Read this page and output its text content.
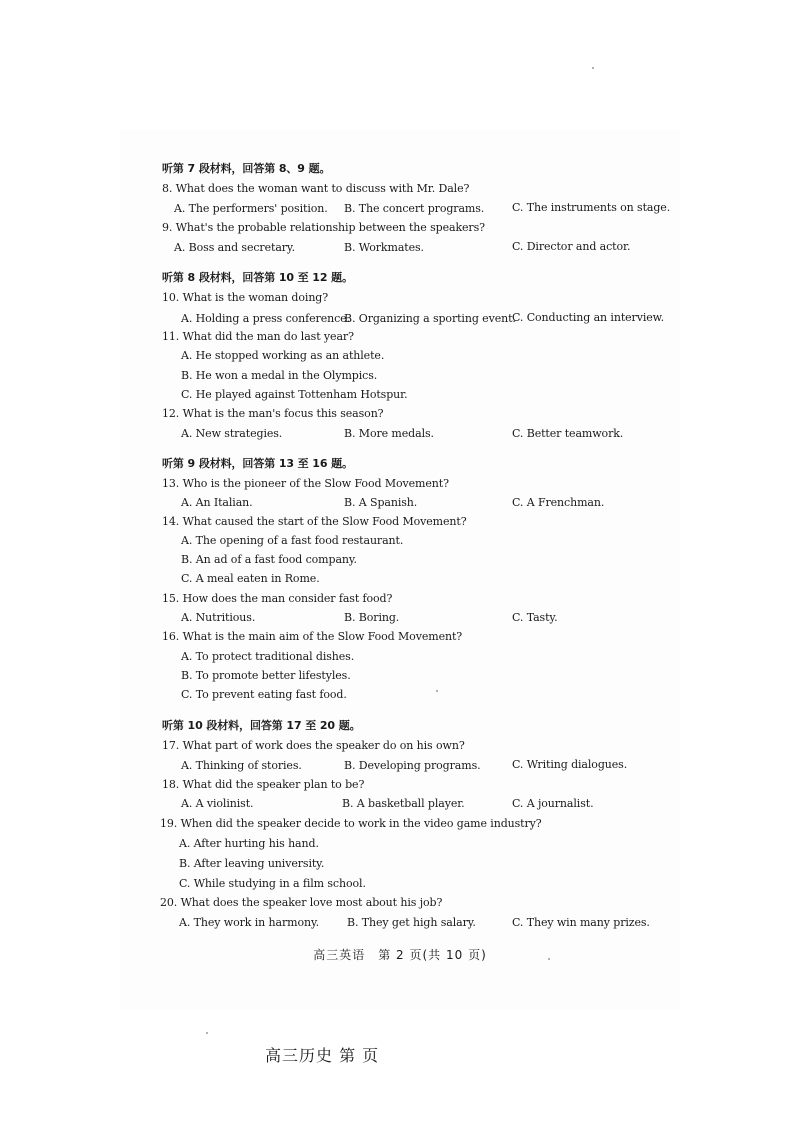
听第 7 段材料，回答第 8、9 题。
8. What does the woman want to discuss with Mr. Dale?
A. The performers' position. B. The concert programs.	C. The instruments on stage.
9. What's the probable relationship between the speakers?
A. Boss and secretary.	B. Workmates.	C. Director and actor.
听第 8 段材料，回答第 10 至 12 题。
10. What is the woman doing?
A. Holding a press conference.
B. Organizing a sporting event.
C. Conducting an interview.
11. What did the man do last year?
A. He stopped working as an athlete.
B. He won a medal in the Olympics.
C. He played against Tottenham Hotspur.
12. What is the man's focus this season?
A. New strategies.	B. More medals.	C. Better teamwork.
听第 9 段材料，回答第 13 至 16 题。
13. Who is the pioneer of the Slow Food Movement?
A. An Italian.	B. A Spanish.	C. A Frenchman.
14. What caused the start of the Slow Food Movement?
A. The opening of a fast food restaurant.
B. An ad of a fast food company.
C. A meal eaten in Rome.
15. How does the man consider fast food?
A. Nutritious.	B. Boring.	C. Tasty.
16. What is the main aim of the Slow Food Movement?
A. To protect traditional dishes.
B. To promote better lifestyles.
C. To prevent eating fast food.
听第 10 段材料，回答第 17 至 20 题。
17. What part of work does the speaker do on his own?
A. Thinking of stories.	B. Developing programs.	C. Writing dialogues.
18. What did the speaker plan to be?
A. A violinist.	B. A basketball player.	C. A journalist.
19. When did the speaker decide to work in the video game industry?
A. After hurting his hand.
B. After leaving university.
C. While studying in a film school.
20. What does the speaker love most about his job?
A. They work in harmony.	B. They get high salary.	C. They win many prizes.
高三英语　第 2 页(共 10 页)
高三历史 第 页
